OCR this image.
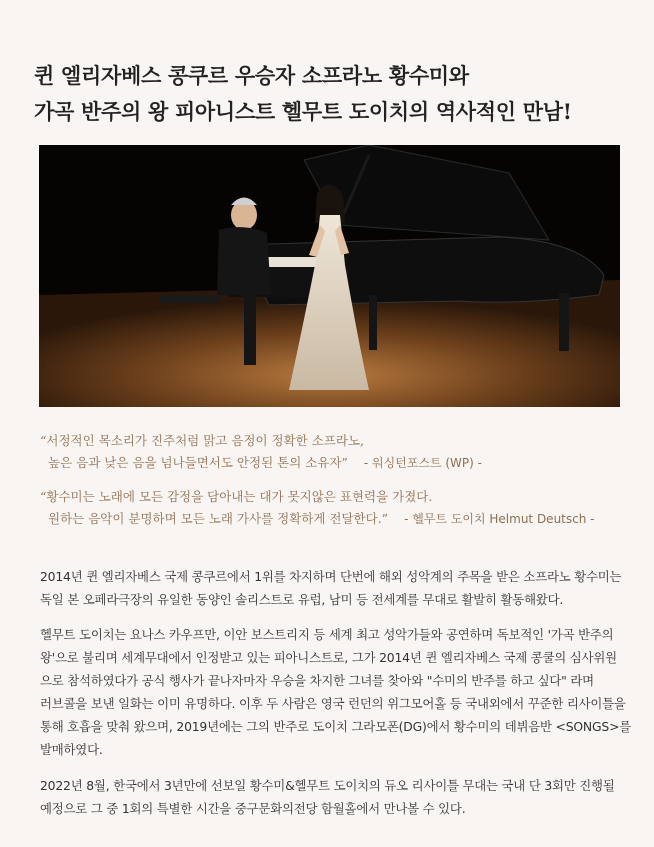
퀸 엘리자베스 콩쿠르 우승자 소프라노 황수미와
가곡 반주의 왕 피아니스트 헬무트 도이치의 역사적인 만남!
“서정적인 목소리가 진주처럼 맑고 음정이 정확한 소프라노,
높은 음과 낮은 음을 넘나들면서도 안정된 톤의 소유자” - 워싱턴포스트 (WP) -
“황수미는 노래에 모든 감정을 담아내는 대가 못지않은 표현력을 가졌다.
원하는 음악이 분명하며 모든 노래 가사를 정확하게 전달한다.” - 헬무트 도이치 Helmut Deutsch -
2014년 퀸 엘리자베스 국제 콩쿠르에서 1위를 차지하며 단번에 해외 성악계의 주목을 받은 소프라노 황수미는
독일 본 오페라극장의 유일한 동양인 솔리스트로 유럽, 남미 등 전세계를 무대로 활발히 활동해왔다.
헬무트 도이치는 요나스 카우프만, 이안 보스트리지 등 세계 최고 성악가들와 공연하며 독보적인 '가곡 반주의
왕'으로 불리며 세계무대에서 인정받고 있는 피아니스트로, 그가 2014년 퀸 엘리자베스 국제 콩쿨의 심사위원
으로 참석하였다가 공식 행사가 끝나자마자 우승을 차지한 그녀를 찾아와 "수미의 반주를 하고 싶다" 라며
러브콜을 보낸 일화는 이미 유명하다. 이후 두 사람은 영국 런던의 위그모어홀 등 국내외에서 꾸준한 리사이틀을
통해 호흡을 맞춰 왔으며, 2019년에는 그의 반주로 도이치 그라모폰(DG)에서 황수미의 데뷔음반 <SONGS>를
발매하였다.
2022년 8월, 한국에서 3년만에 선보일 황수미&헬무트 도이치의 듀오 리사이틀 무대는 국내 단 3회만 진행될
예정으로 그 중 1회의 특별한 시간을 중구문화의전당 함월홀에서 만나볼 수 있다.
